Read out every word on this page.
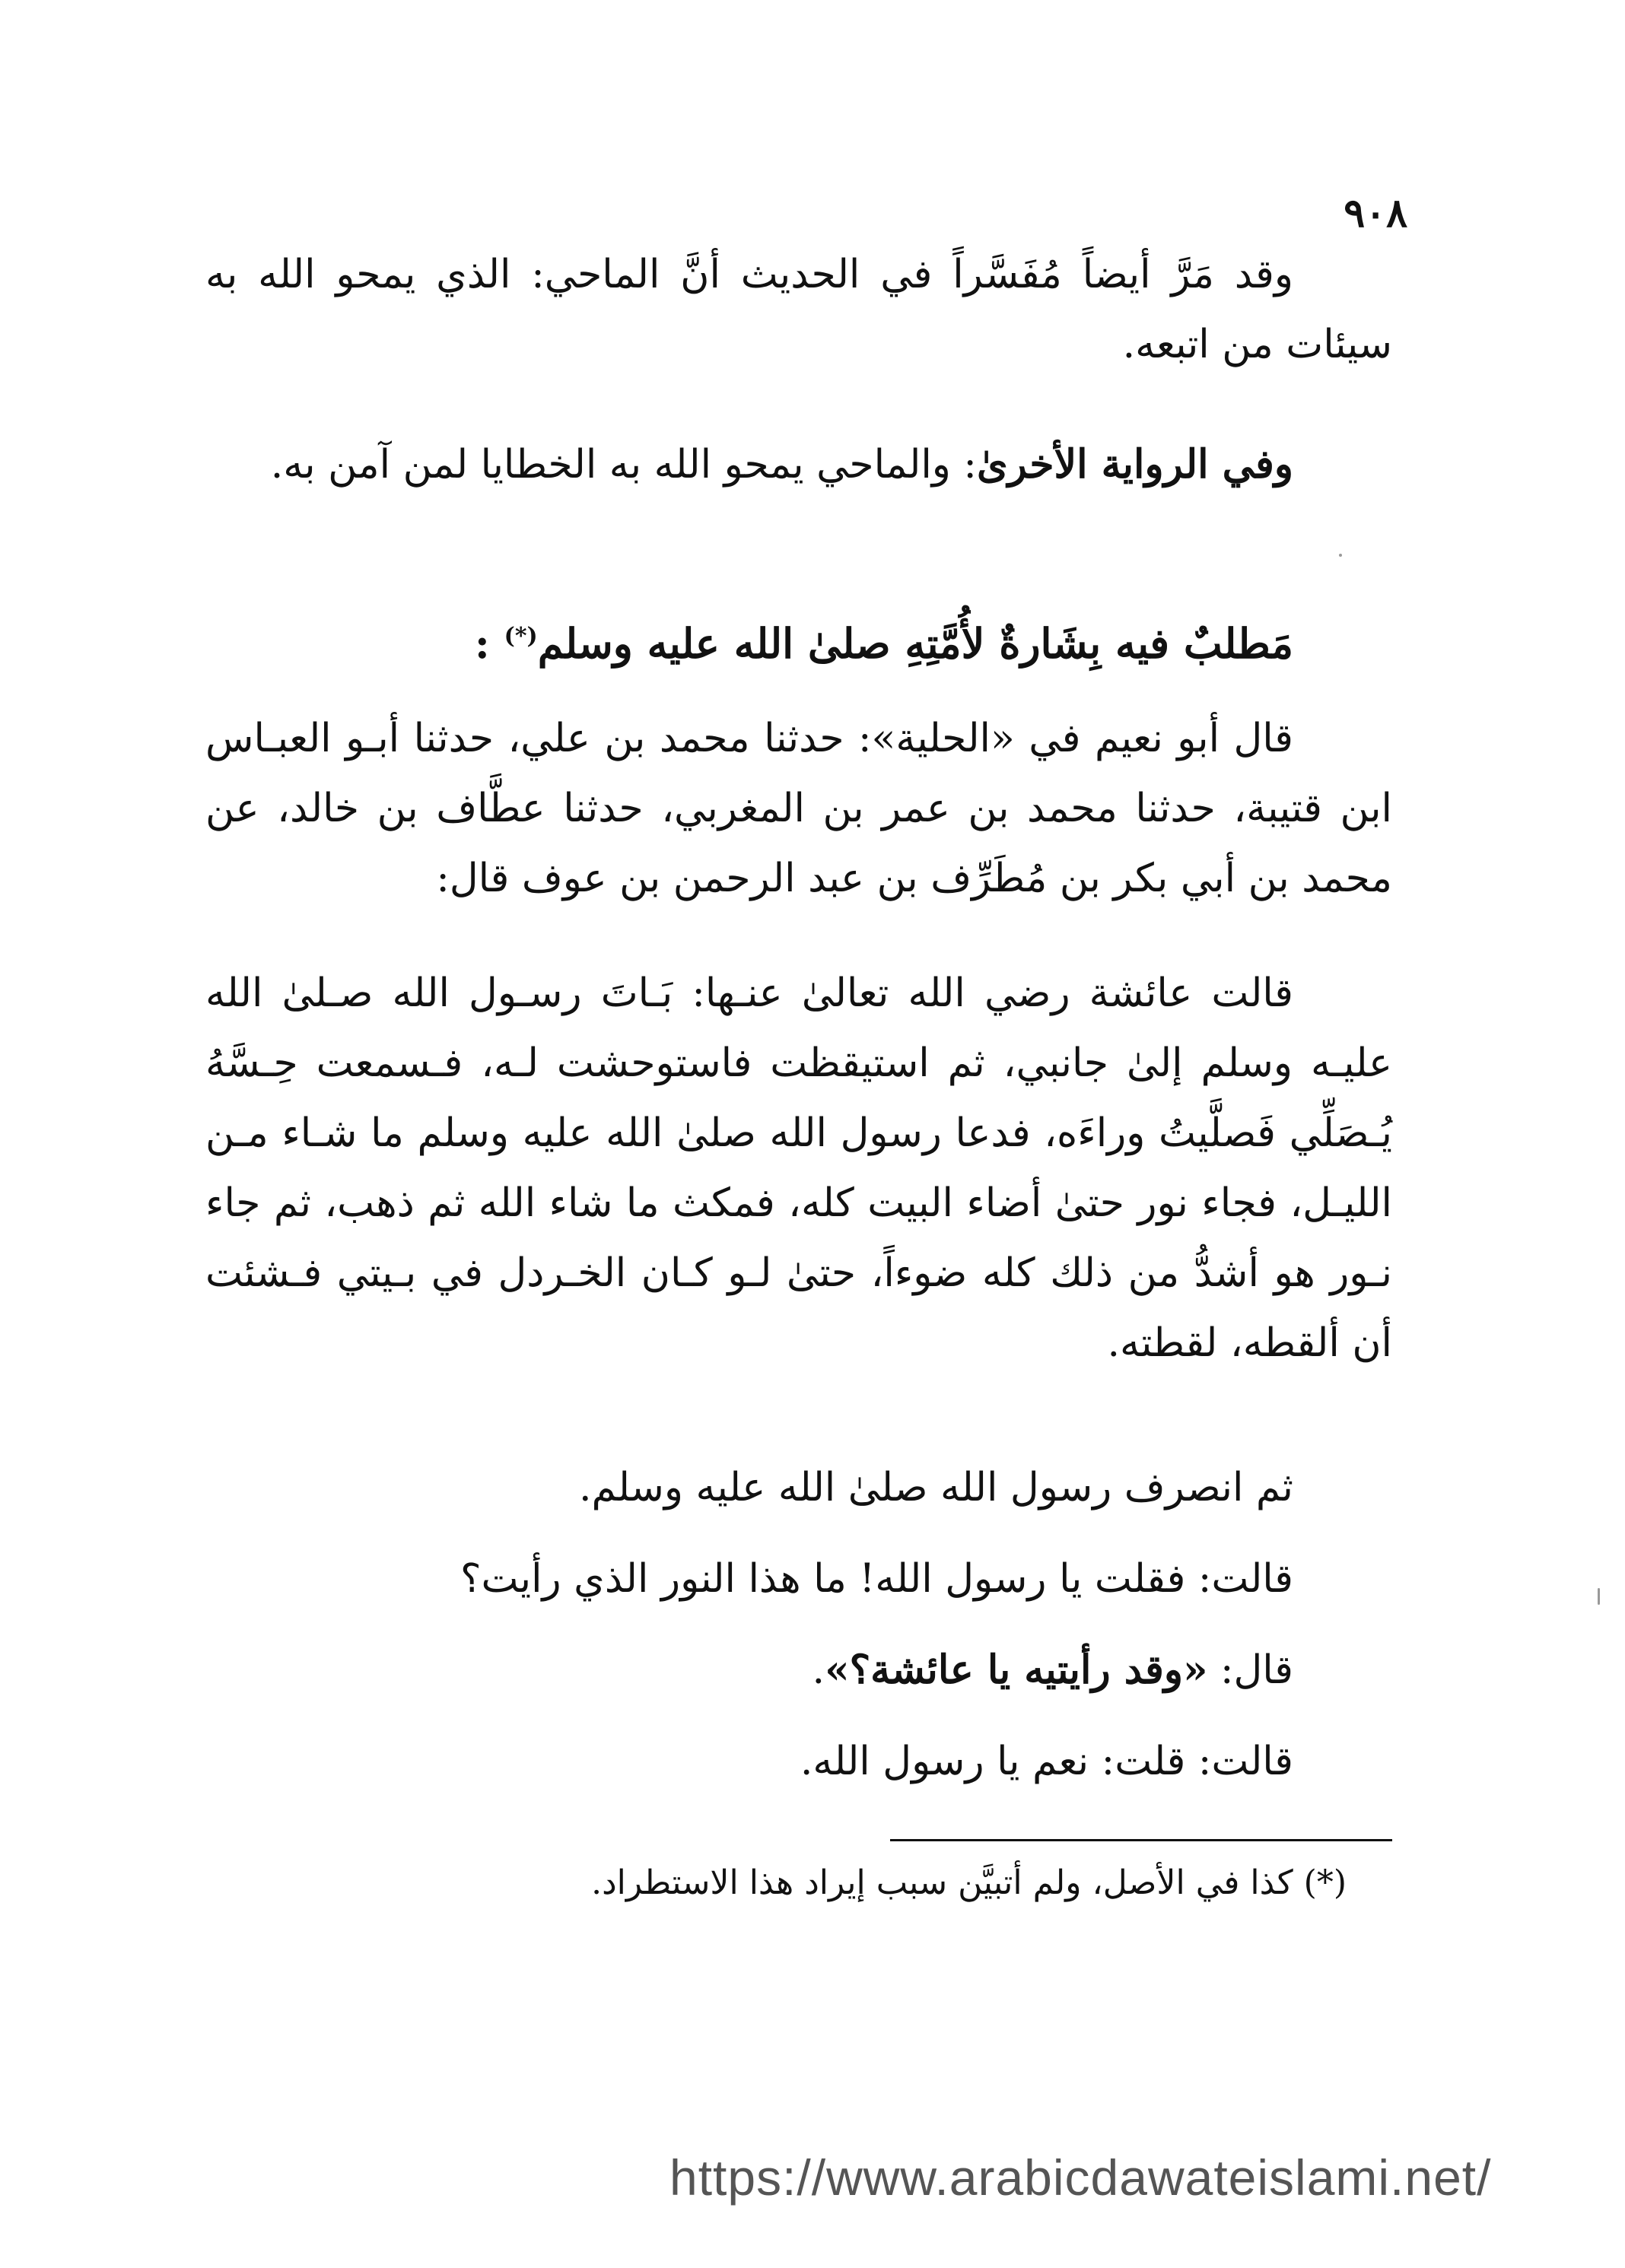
٩٠٨

وقد مَرَّ أيضاً مُفَسَّراً في الحديث أنَّ الماحي: الذي يمحو الله به سيئات من اتبعه.

وفي الرواية الأخرىٰ: والماحي يمحو الله به الخطايا لمن آمن به.

مَطلبٌ فيه بِشَارةٌ لأُمَّتِهِ صلىٰ الله عليه وسلم(*) :

قال أبو نعيم في «الحلية»: حدثنا محمد بن علي، حدثنا أبـو العبـاس ابن قتيبة، حدثنا محمد بن عمر بن المغربي، حدثنا عطَّاف بن خالد، عن محمد بن أبي بكر بن مُطَرِّف بن عبد الرحمن بن عوف قال:

قالت عائشة رضي الله تعالىٰ عنـها: بَـاتَ رسـول الله صـلىٰ الله عليـه وسلم إلىٰ جانبي، ثم استيقظت فاستوحشت لـه، فـسمعت حِـسَّهُ يُـصَلِّي فَصلَّيتُ وراءَه، فدعا رسول الله صلىٰ الله عليه وسلم ما شـاء مـن الليـل، فجاء نور حتىٰ أضاء البيت كله، فمكث ما شاء الله ثم ذهب، ثم جاء نـور هو أشدُّ من ذلك كله ضوءاً، حتىٰ لـو كـان الخـردل في بـيتي فـشئت أن ألقطه، لقطته.

ثم انصرف رسول الله صلىٰ الله عليه وسلم.

قالت: فقلت يا رسول الله! ما هذا النور الذي رأيت؟

قال: «وقد رأيتيه يا عائشة؟».

قالت: قلت: نعم يا رسول الله.

(*) كذا في الأصل، ولم أتبيَّن سبب إيراد هذا الاستطراد.

https://www.arabicdawateislami.net/
